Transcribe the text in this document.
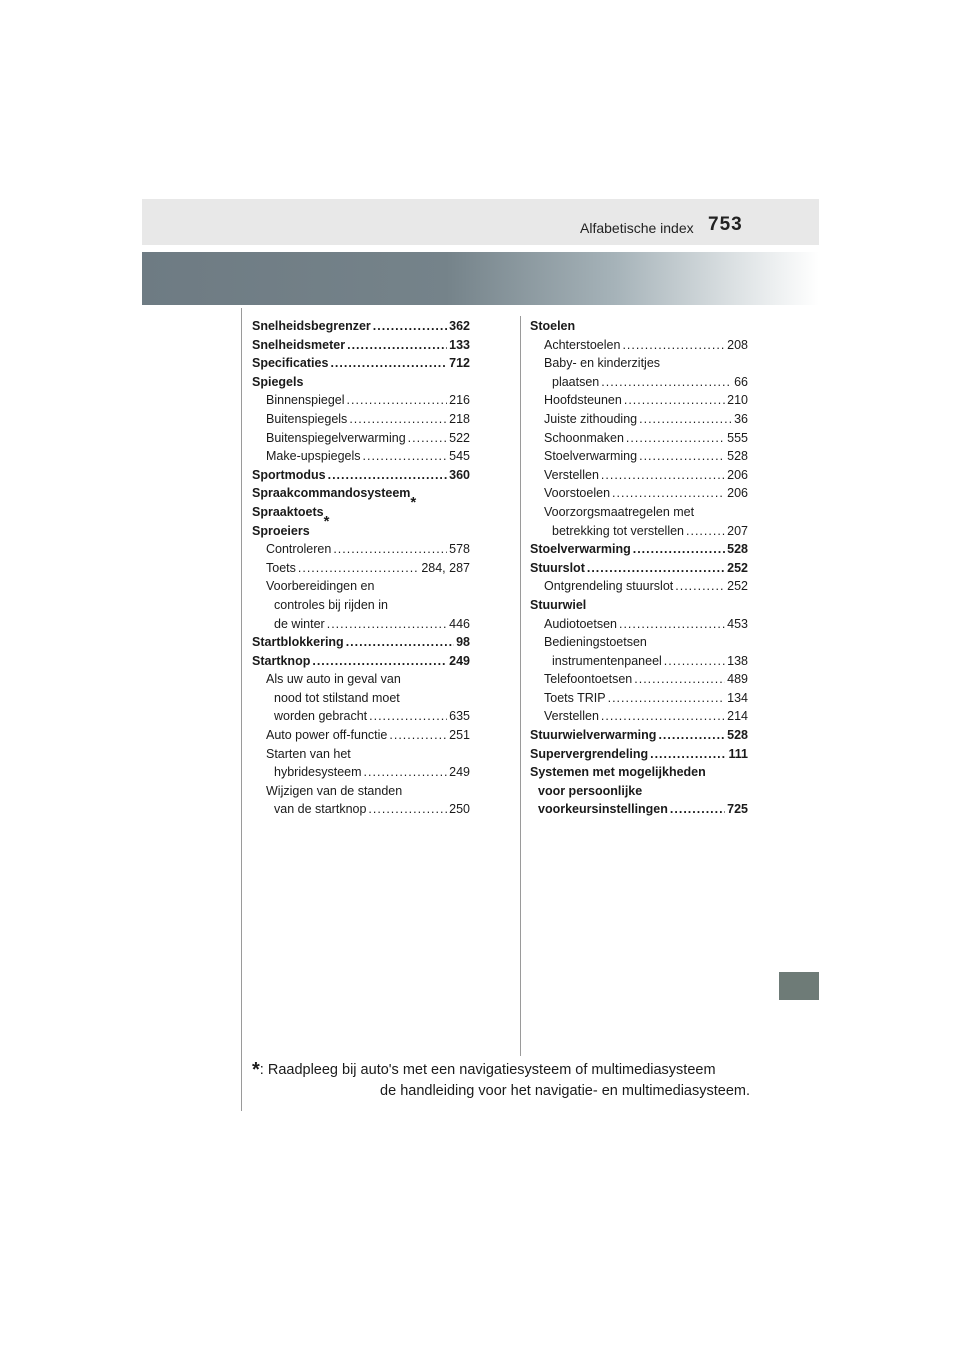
Alfabetische index 753
Snelheidsbegrenzer .....	362
Snelheidsmeter .....	133
Specificaties .....	712
Spiegels
Binnenspiegel .....	216
Buitenspiegels .....	218
Buitenspiegelverwarming .....	522
Make-upspiegels .....	545
Sportmodus .....	360
Spraakcommandosysteem
*
Spraaktoets
*
Sproeiers
Controleren .....	578
Toets .....	284, 287
Voorbereidingen en
controles bij rijden in
de winter .....	446
Startblokkering .....	98
Startknop .....	249
Als uw auto in geval van
nood tot stilstand moet
worden gebracht .....	635
Auto power off-functie .....	251
Starten van het
hybridesysteem .....	249
Wijzigen van de standen
van de startknop .....	250
Stoelen
Achterstoelen .....	208
Baby- en kinderzitjes
plaatsen .....	66
Hoofdsteunen .....	210
Juiste zithouding .....	36
Schoonmaken .....	555
Stoelverwarming .....	528
Verstellen .....	206
Voorstoelen .....	206
Voorzorgsmaatregelen met
betrekking tot verstellen .....	207
Stoelverwarming .....	528
Stuurslot .....	252
Ontgrendeling stuurslot .....	252
Stuurwiel
Audiotoetsen .....	453
Bedieningstoetsen
instrumentenpaneel .....	138
Telefoontoetsen .....	489
Toets TRIP .....	134
Verstellen .....	214
Stuurwielverwarming .....	528
Supervergrendeling .....	111
Systemen met mogelijkheden
voor persoonlijke
voorkeursinstellingen .....	725
*: Raadpleeg bij auto's met een navigatiesysteem of multimediasysteem
de handleiding voor het navigatie- en multimediasysteem.
